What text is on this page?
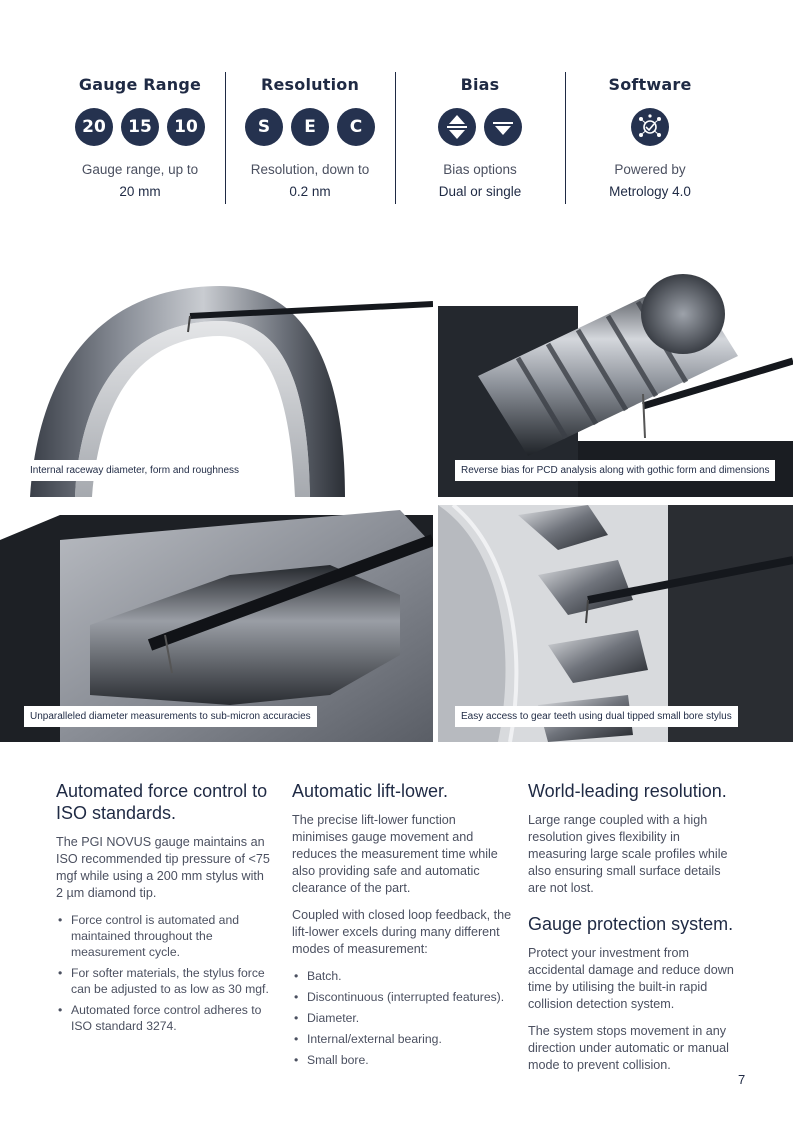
Gauge Range
20	15	10
Gauge range, up to
20 mm
Resolution
S	E	C
Resolution, down to
0.2 nm
Bias
Bias options
Dual or single
Software
Powered by
Metrology 4.0
Internal raceway diameter, form and roughness	Reverse bias for PCD analysis along with gothic form and dimensions
Unparalleled diameter measurements to sub-micron accuracies	Easy access to gear teeth using dual tipped small bore stylus
Automated force control to ISO standards.
The PGI NOVUS gauge maintains an ISO recommended tip pressure of <75 mgf while using a 200 mm stylus with 2 µm diamond tip.
• Force control is automated and maintained throughout the measurement cycle.
• For softer materials, the stylus force can be adjusted to as low as 30 mgf.
• Automated force control adheres to ISO standard 3274.
Automatic lift-lower.
The precise lift-lower function minimises gauge movement and reduces the measurement time while also providing safe and automatic clearance of the part.
Coupled with closed loop feedback, the lift-lower excels during many different modes of measurement:
• Batch.
• Discontinuous (interrupted features).
• Diameter.
• Internal/external bearing.
• Small bore.
World-leading resolution.
Large range coupled with a high resolution gives flexibility in measuring large scale profiles while also ensuring small surface details are not lost.
Gauge protection system.
Protect your investment from accidental damage and reduce down time by utilising the built-in rapid collision detection system.
The system stops movement in any direction under automatic or manual mode to prevent collision.
7
